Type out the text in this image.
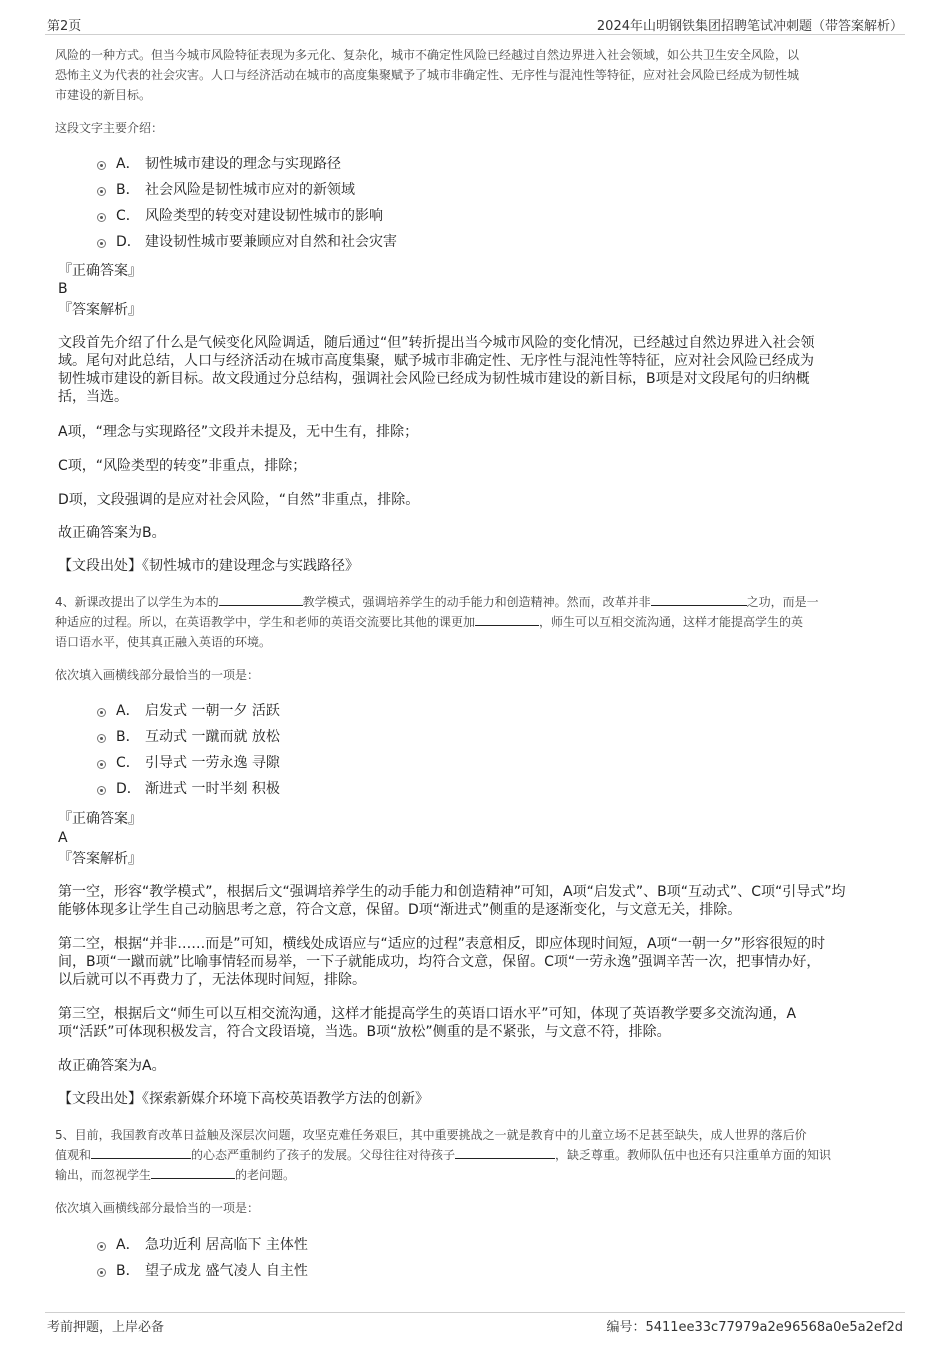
第2页	2024年山明钢铁集团招聘笔试冲刺题（带答案解析）
风险的一种方式。但当今城市风险特征表现为多元化、复杂化，城市不确定性风险已经越过自然边界进入社会领域，如公共卫生安全风险，以
恐怖主义为代表的社会灾害。人口与经济活动在城市的高度集聚赋予了城市非确定性、无序性与混沌性等特征，应对社会风险已经成为韧性城
市建设的新目标。
这段文字主要介绍：
A． 韧性城市建设的理念与实现路径
B． 社会风险是韧性城市应对的新领域
C． 风险类型的转变对建设韧性城市的影响
D． 建设韧性城市要兼顾应对自然和社会灾害
『正确答案』
B
『答案解析』
文段首先介绍了什么是气候变化风险调适，随后通过“但”转折提出当今城市风险的变化情况，已经越过自然边界进入社会领
域。尾句对此总结，人口与经济活动在城市高度集聚，赋予城市非确定性、无序性与混沌性等特征，应对社会风险已经成为
韧性城市建设的新目标。故文段通过分总结构，强调社会风险已经成为韧性城市建设的新目标，B项是对文段尾句的归纳概
括，当选。
A项，“理念与实现路径”文段并未提及，无中生有，排除；
C项，“风险类型的转变”非重点，排除；
D项，文段强调的是应对社会风险，“自然”非重点，排除。
故正确答案为B。
【文段出处】《韧性城市的建设理念与实践路径》
4、新课改提出了以学生为本的	教学模式，强调培养学生的动手能力和创造精神。然而，改革并非	之功，而是一
种适应的过程。所以，在英语教学中，学生和老师的英语交流要比其他的课更加	，师生可以互相交流沟通，这样才能提高学生的英
语口语水平，使其真正融入英语的环境。
依次填入画横线部分最恰当的一项是：
A． 启发式 一朝一夕 活跃
B． 互动式 一蹴而就 放松
C． 引导式 一劳永逸 寻隙
D． 渐进式 一时半刻 积极
『正确答案』
A
『答案解析』
第一空，形容“教学模式”，根据后文“强调培养学生的动手能力和创造精神”可知，A项“启发式”、B项“互动式”、C项“引导式”均
能够体现多让学生自己动脑思考之意，符合文意，保留。D项“渐进式”侧重的是逐渐变化，与文意无关，排除。
第二空，根据“并非……而是”可知，横线处成语应与“适应的过程”表意相反，即应体现时间短，A项“一朝一夕”形容很短的时
间，B项“一蹴而就”比喻事情轻而易举，一下子就能成功，均符合文意，保留。C项“一劳永逸”强调辛苦一次，把事情办好，
以后就可以不再费力了，无法体现时间短，排除。
第三空，根据后文“师生可以互相交流沟通，这样才能提高学生的英语口语水平”可知，体现了英语教学要多交流沟通，A
项“活跃”可体现积极发言，符合文段语境，当选。B项“放松”侧重的是不紧张，与文意不符，排除。
故正确答案为A。
【文段出处】《探索新媒介环境下高校英语教学方法的创新》
5、目前，我国教育改革日益触及深层次问题，攻坚克难任务艰巨，其中重要挑战之一就是教育中的儿童立场不足甚至缺失，成人世界的落后价
值观和	的心态严重制约了孩子的发展。父母往往对待孩子	，缺乏尊重。教师队伍中也还有只注重单方面的知识
输出，而忽视学生	的老问题。
依次填入画横线部分最恰当的一项是：
A． 急功近利 居高临下 主体性
B． 望子成龙 盛气凌人 自主性
考前押题，上岸必备	编号：5411ee33c77979a2e96568a0e5a2ef2d
